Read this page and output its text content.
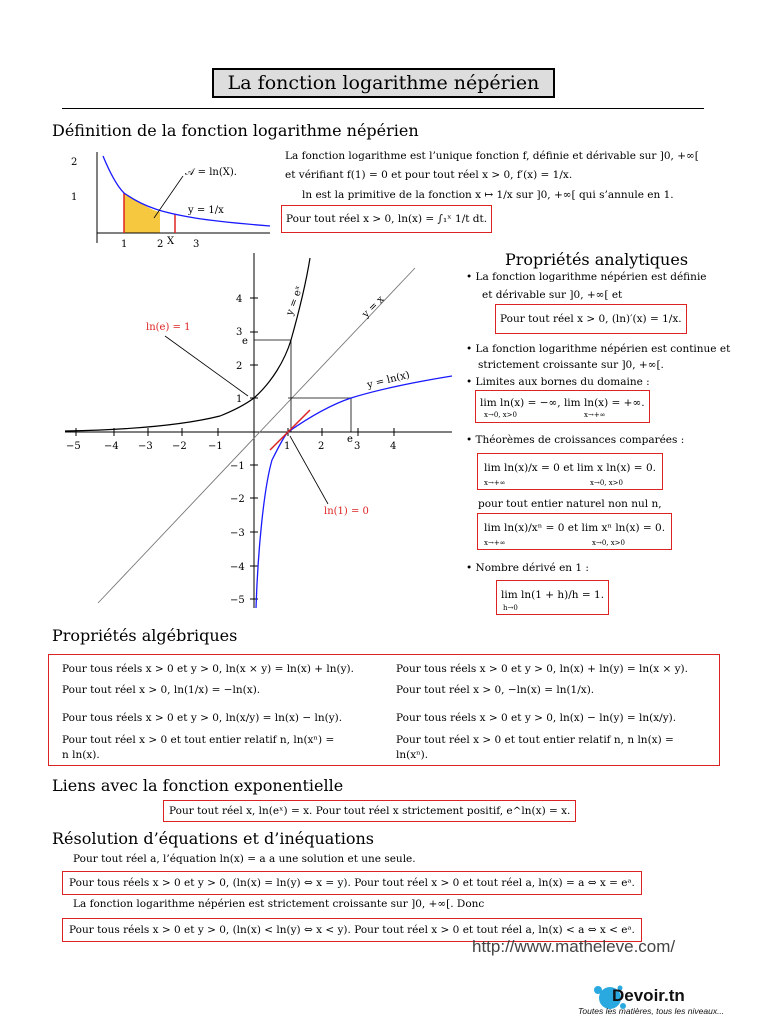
La fonction logarithme népérien
Définition de la fonction logarithme népérien
2
1
1	2	3
X
𝒜 = ln(X).
y = 1/x
La fonction logarithme est l’unique fonction f, définie et dérivable sur ]0, +∞[
et vérifiant f(1) = 0 et pour tout réel x > 0, f′(x) = 1/x.
ln est la primitive de la fonction x ↦ 1/x sur ]0, +∞[ qui s’annule en 1.
Pour tout réel x > 0, ln(x) = ∫₁ˣ 1/t dt.
−5 −4 −3 −2 −1	1	2	3	4
4
3
2
1
−1
−2
−3
−4
−5
e
e
y = ln(x)
y = x
y = eˣ
ln(e) = 1
ln(1) = 0
Propriétés analytiques
• La fonction logarithme népérien est définie
et dérivable sur ]0, +∞[ et
Pour tout réel x > 0, (ln)′(x) = 1/x.
• La fonction logarithme népérien est continue et
strictement croissante sur ]0, +∞[.
• Limites aux bornes du domaine :
lim ln(x) = −∞, lim ln(x) = +∞.
x→0, x>0	x→+∞
• Théorèmes de croissances comparées :
lim ln(x)/x = 0 et lim x ln(x) = 0.
x→+∞	x→0, x>0
pour tout entier naturel non nul n,
lim ln(x)/xⁿ = 0 et lim xⁿ ln(x) = 0.
x→+∞	x→0, x>0
• Nombre dérivé en 1 :
lim ln(1 + h)/h = 1.
h→0
Propriétés algébriques
Pour tous réels x > 0 et y > 0, ln(x × y) = ln(x) + ln(y).	Pour tous réels x > 0 et y > 0, ln(x) + ln(y) = ln(x × y).
Pour tout réel x > 0, ln(1/x) = −ln(x).	Pour tout réel x > 0, −ln(x) = ln(1/x).
Pour tous réels x > 0 et y > 0, ln(x/y) = ln(x) − ln(y).	Pour tous réels x > 0 et y > 0, ln(x) − ln(y) = ln(x/y).
Pour tout réel x > 0 et tout entier relatif n, ln(xⁿ) =
n ln(x).
Pour tout réel x > 0 et tout entier relatif n, n ln(x) =
ln(xⁿ).
Liens avec la fonction exponentielle
Pour tout réel x, ln(eˣ) = x. Pour tout réel x strictement positif, e^ln(x) = x.
Résolution d’équations et d’inéquations
Pour tout réel a, l’équation ln(x) = a a une solution et une seule.
Pour tous réels x > 0 et y > 0, (ln(x) = ln(y) ⇔ x = y). Pour tout réel x > 0 et tout réel a, ln(x) = a ⇔ x = eᵃ.
La fonction logarithme népérien est strictement croissante sur ]0, +∞[. Donc
Pour tous réels x > 0 et y > 0, (ln(x) < ln(y) ⇔ x < y). Pour tout réel x > 0 et tout réel a, ln(x) < a ⇔ x < eᵃ.
http://www.matheleve.com/
Devoir.tn
Toutes les matières, tous les niveaux...
